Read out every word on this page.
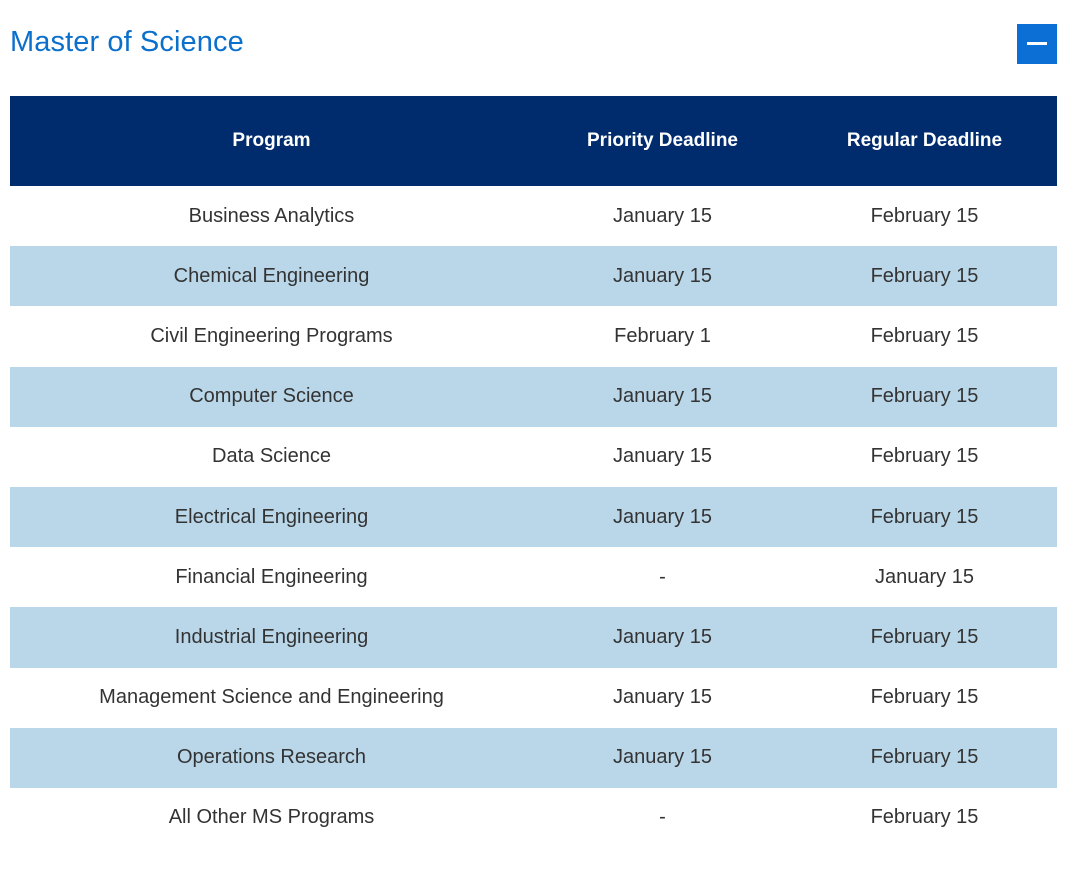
Master of Science
Program	Priority Deadline	Regular Deadline
Business Analytics	January 15	February 15
Chemical Engineering	January 15	February 15
Civil Engineering Programs	February 1	February 15
Computer Science	January 15	February 15
Data Science	January 15	February 15
Electrical Engineering	January 15	February 15
Financial Engineering	-	January 15
Industrial Engineering	January 15	February 15
Management Science and Engineering	January 15	February 15
Operations Research	January 15	February 15
All Other MS Programs	-	February 15
